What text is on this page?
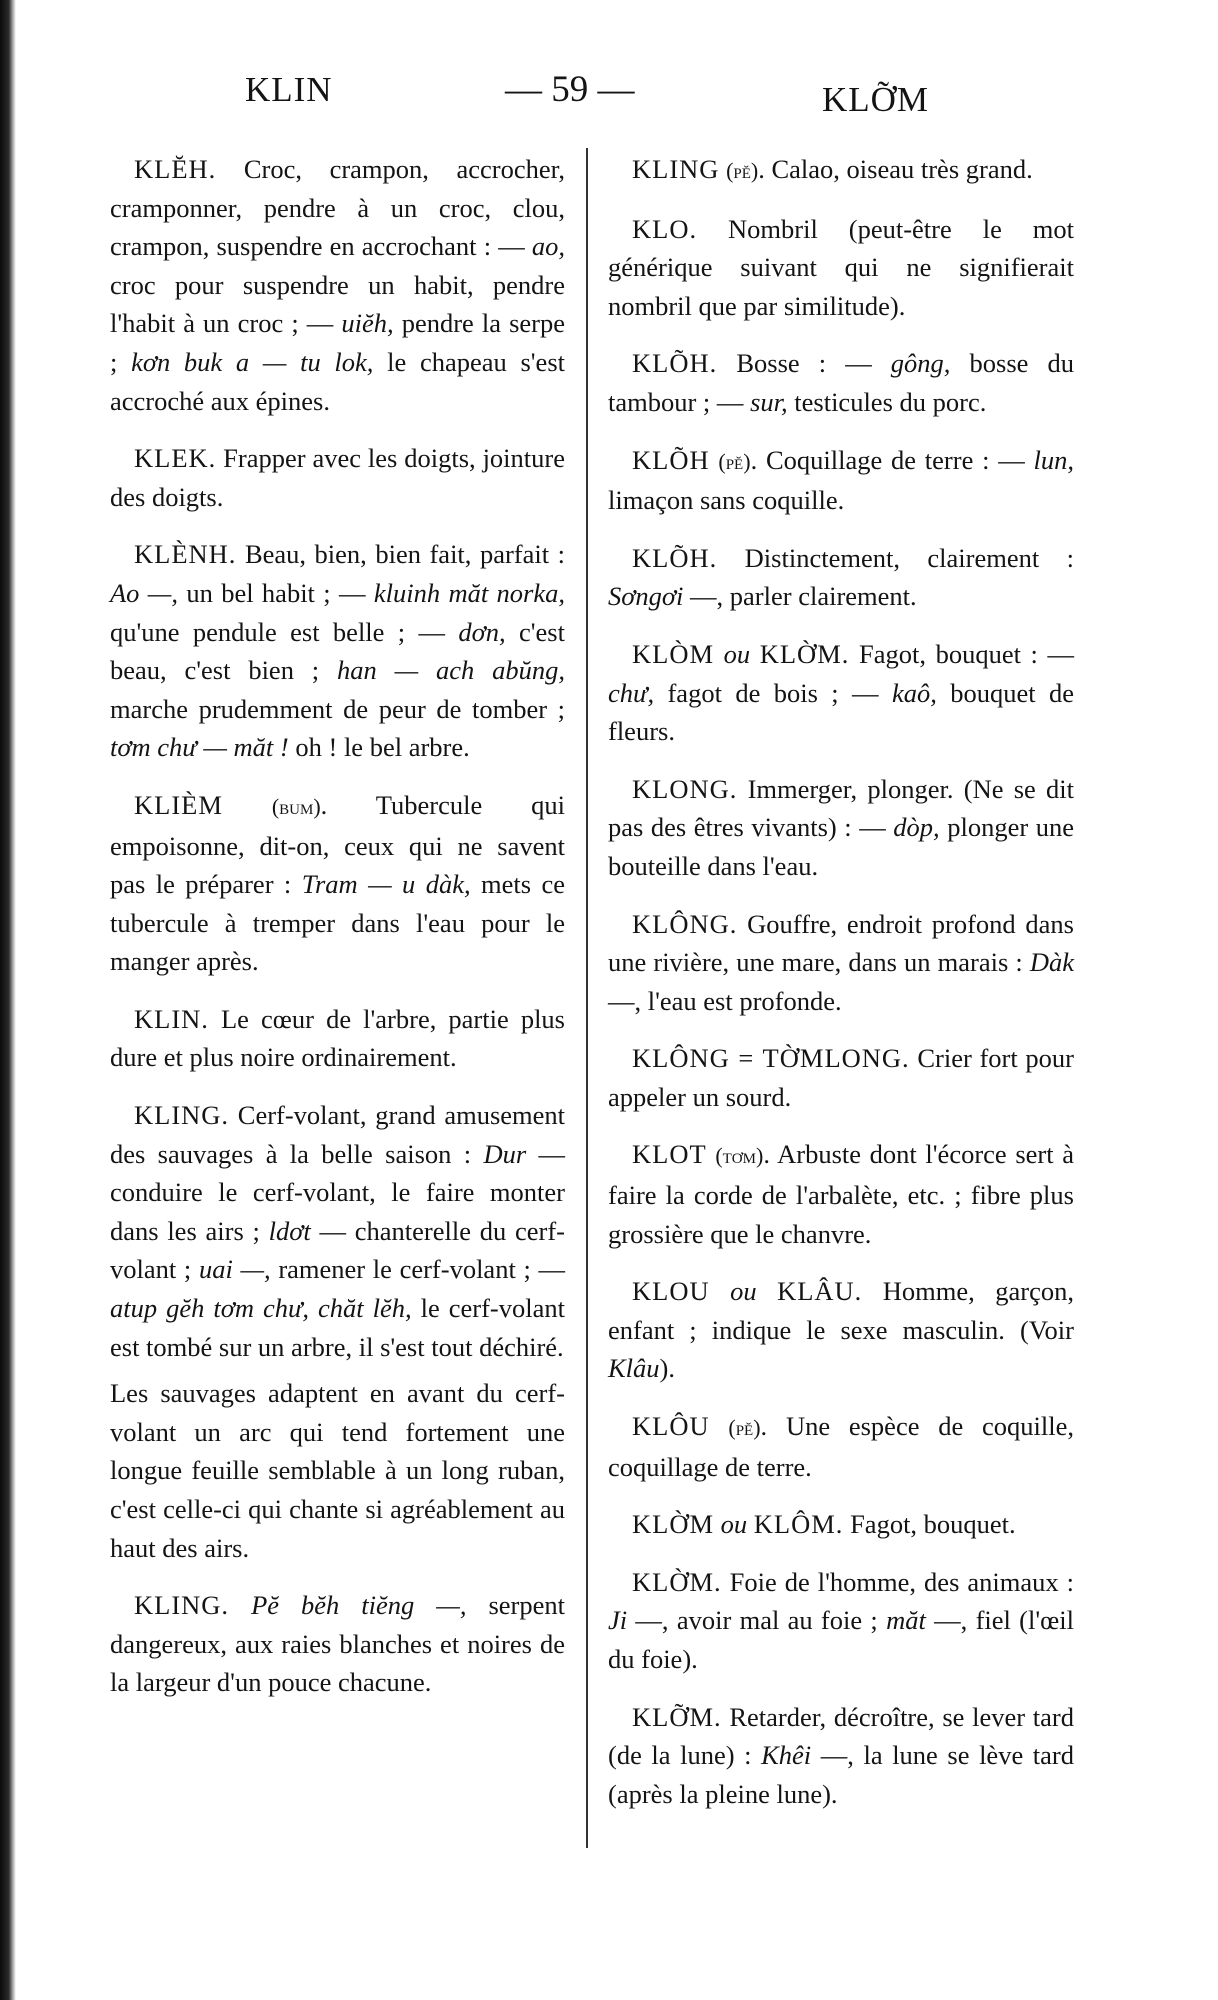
KLIN	— 59 —	KLỠM

KLĔH. Croc, crampon, accrocher, cramponner, pendre à un croc, clou, crampon, suspendre en accrochant : — ao, croc pour suspendre un habit, pendre l'habit à un croc ; — uiĕh, pendre la serpe ; kơn buk a — tu lok, le chapeau s'est accroché aux épines.

KLEK. Frapper avec les doigts, jointure des doigts.

KLÈNH. Beau, bien, bien fait, parfait : Ao —, un bel habit ; — kluinh măt norka, qu'une pendule est belle ; — dơn, c'est beau, c'est bien ; han — ach abŭng, marche prudemment de peur de tomber ; tơm chư — măt ! oh ! le bel arbre.

KLIÈM (bum). Tubercule qui empoisonne, dit-on, ceux qui ne savent pas le préparer : Tram — u dàk, mets ce tubercule à tremper dans l'eau pour le manger après.

KLIN. Le cœur de l'arbre, partie plus dure et plus noire ordinairement.

KLING. Cerf-volant, grand amusement des sauvages à la belle saison : Dur — conduire le cerf-volant, le faire monter dans les airs ; ldơt — chanterelle du cerf-volant ; uai —, ramener le cerf-volant ; — atup gĕh tơm chư, chăt lĕh, le cerf-volant est tombé sur un arbre, il s'est tout déchiré.

Les sauvages adaptent en avant du cerf-volant un arc qui tend fortement une longue feuille semblable à un long ruban, c'est celle-ci qui chante si agréablement au haut des airs.

KLING. Pĕ bĕh tiĕng —, serpent dangereux, aux raies blanches et noires de la largeur d'un pouce chacune.

KLING (pĕ). Calao, oiseau très grand.

KLO. Nombril (peut-être le mot générique suivant qui ne signifierait nombril que par similitude).

KLÕH. Bosse : — gông, bosse du tambour ; — sur, testicules du porc.

KLÕH (pĕ). Coquillage de terre : — lun, limaçon sans coquille.

KLÕH. Distinctement, clairement : Sơngơi —, parler clairement.

KLÒM ou KLỜM. Fagot, bouquet : — chư, fagot de bois ; — kaô, bouquet de fleurs.

KLONG. Immerger, plonger. (Ne se dit pas des êtres vivants) : — dòp, plonger une bouteille dans l'eau.

KLÔNG. Gouffre, endroit profond dans une rivière, une mare, dans un marais : Dàk —, l'eau est profonde.

KLÔNG = TỜMLONG. Crier fort pour appeler un sourd.

KLOT (tơm). Arbuste dont l'écorce sert à faire la corde de l'arbalète, etc. ; fibre plus grossière que le chanvre.

KLOU ou KLÂU. Homme, garçon, enfant ; indique le sexe masculin. (Voir Klâu).

KLÔU (pĕ). Une espèce de coquille, coquillage de terre.

KLỜM ou KLÔM. Fagot, bouquet.

KLỜM. Foie de l'homme, des animaux : Ji —, avoir mal au foie ; măt —, fiel (l'œil du foie).

KLỠM. Retarder, décroître, se lever tard (de la lune) : Khêi —, la lune se lève tard (après la pleine lune).
